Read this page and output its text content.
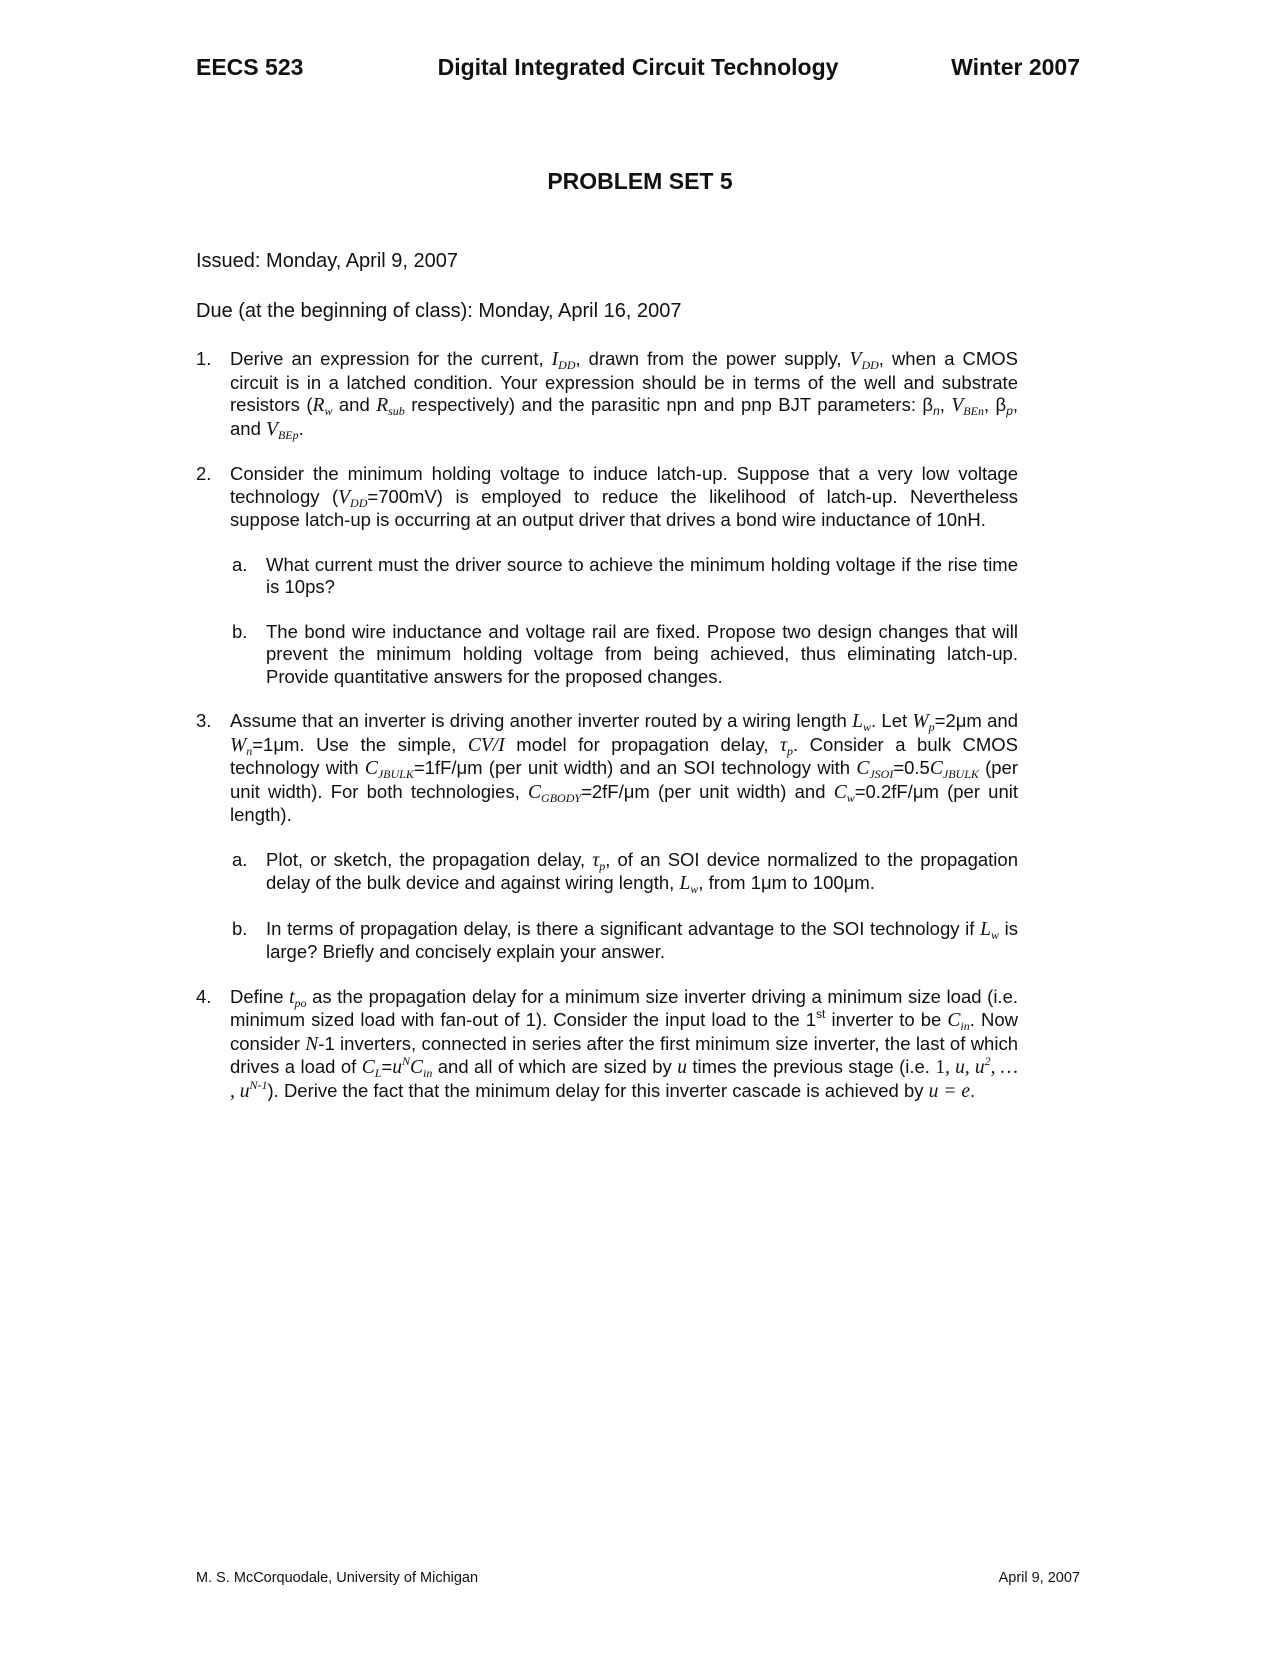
EECS 523	Digital Integrated Circuit Technology	Winter 2007
PROBLEM SET 5
Issued: Monday, April 9, 2007
Due (at the beginning of class): Monday, April 16, 2007
1. Derive an expression for the current, $I_{DD}$, drawn from the power supply, $V_{DD}$, when a CMOS circuit is in a latched condition. Your expression should be in terms of the well and substrate resistors ($R_w$ and $R_{sub}$ respectively) and the parasitic npn and pnp BJT parameters: $\beta_n$, $V_{BEn}$, $\beta_p$, and $V_{BEp}$.
2. Consider the minimum holding voltage to induce latch-up. Suppose that a very low voltage technology $(V_{DD}=700mV)$ is employed to reduce the likelihood of latch-up. Nevertheless suppose latch-up is occurring at an output driver that drives a bond wire inductance of 10nH.
a. What current must the driver source to achieve the minimum holding voltage if the rise time is 10ps?
b. The bond wire inductance and voltage rail are fixed. Propose two design changes that will prevent the minimum holding voltage from being achieved, thus eliminating latch-up. Provide quantitative answers for the proposed changes.
3. Assume that an inverter is driving another inverter routed by a wiring length $L_w$. Let $W_p=2\mu m$ and $W_n=1\mu m$. Use the simple, CV/I model for propagation delay, $\tau_p$. Consider a bulk CMOS technology with $C_{JBULK}=1fF/\mu m$ (per unit width) and an SOI technology with $C_{JSOI}=0.5C_{JBULK}$ (per unit width). For both technologies, $C_{GBODY}=2fF/\mu m$ (per unit width) and $C_w=0.2fF/\mu m$ (per unit length).
a. Plot, or sketch, the propagation delay, $\tau_p$, of an SOI device normalized to the propagation delay of the bulk device and against wiring length, $L_w$, from 1μm to 100μm.
b. In terms of propagation delay, is there a significant advantage to the SOI technology if $L_w$ is large? Briefly and concisely explain your answer.
4. Define $t_{po}$ as the propagation delay for a minimum size inverter driving a minimum size load (i.e. minimum sized load with fan-out of 1). Consider the input load to the 1st inverter to be $C_{in}$. Now consider N-1 inverters, connected in series after the first minimum size inverter, the last of which drives a load of $C_L=u^NC_{in}$ and all of which are sized by u times the previous stage (i.e. 1, u, $u^2$, … , $u^{N-1}$). Derive the fact that the minimum delay for this inverter cascade is achieved by u = e.
M. S. McCorquodale, University of Michigan	April 9, 2007
